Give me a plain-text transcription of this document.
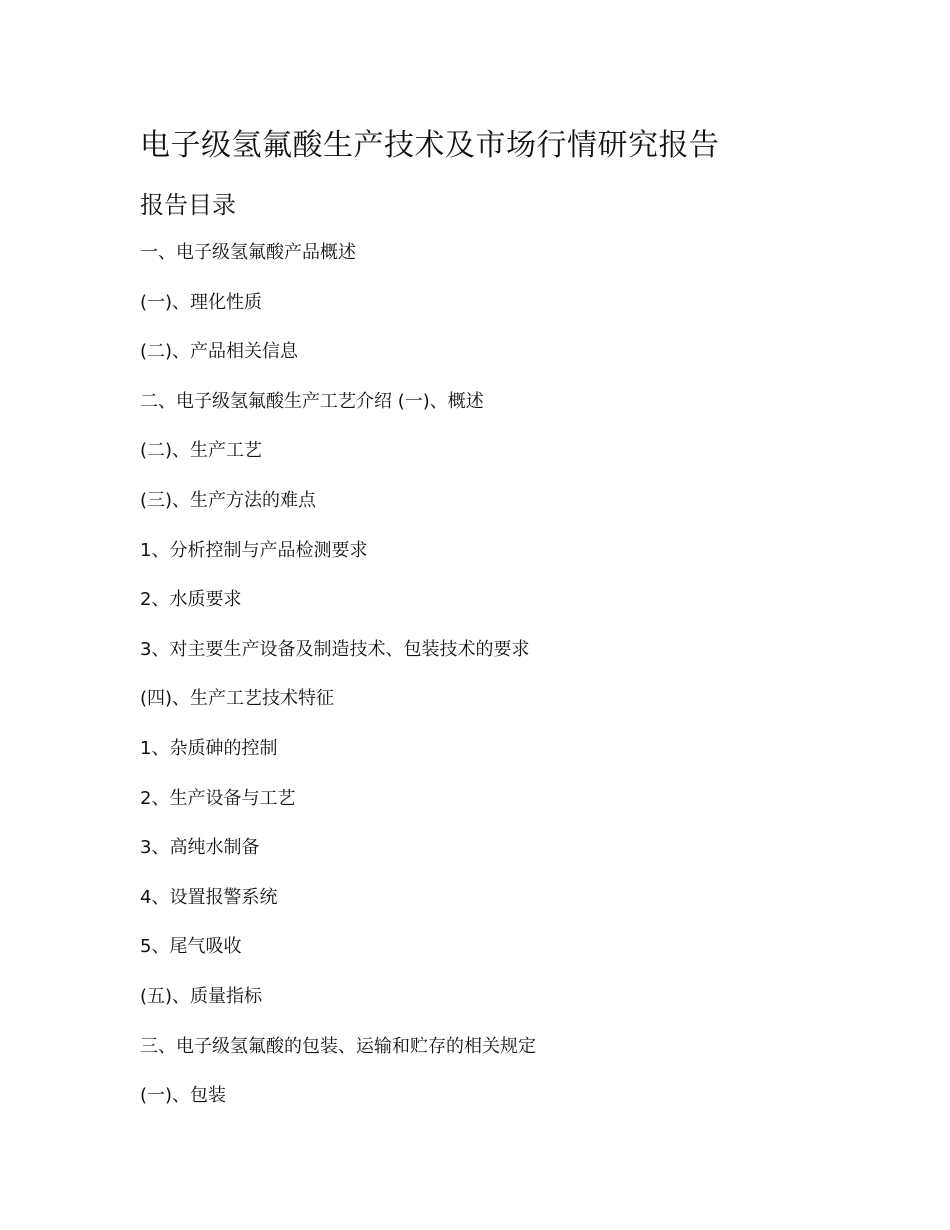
电子级氢氟酸生产技术及市场行情研究报告
报告目录
一、电子级氢氟酸产品概述
(一)、理化性质
(二)、产品相关信息
二、电子级氢氟酸生产工艺介绍 (一)、概述
(二)、生产工艺
(三)、生产方法的难点
1、分析控制与产品检测要求
2、水质要求
3、对主要生产设备及制造技术、包装技术的要求
(四)、生产工艺技术特征
1、杂质砷的控制
2、生产设备与工艺
3、高纯水制备
4、设置报警系统
5、尾气吸收
(五)、质量指标
三、电子级氢氟酸的包装、运输和贮存的相关规定
(一)、包装
